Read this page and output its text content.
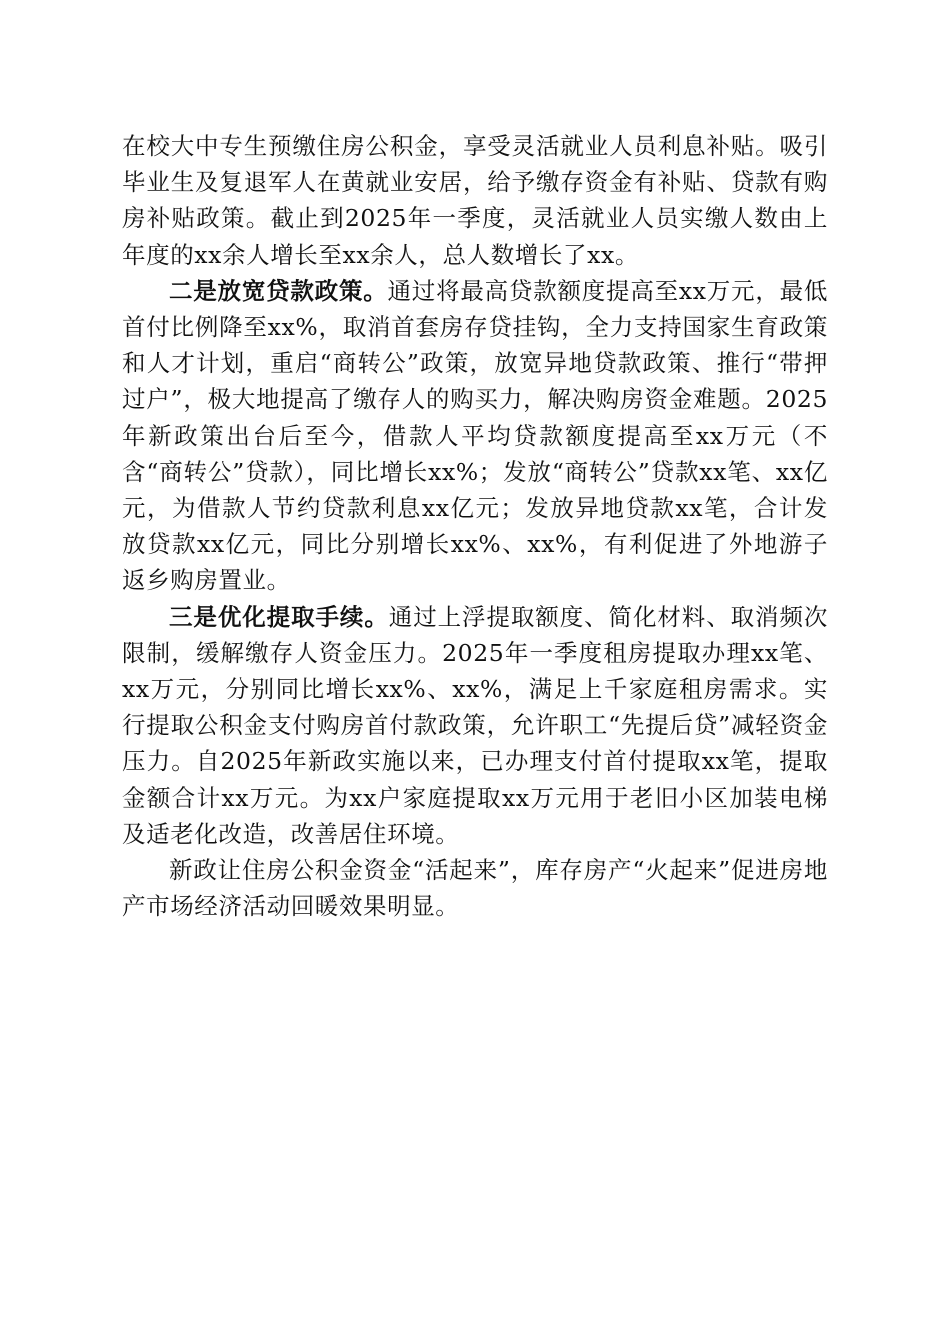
在校大中专生预缴住房公积金，享受灵活就业人员利息补贴。吸引毕业生及复退军人在黄就业安居，给予缴存资金有补贴、贷款有购房补贴政策。截止到2025年一季度，灵活就业人员实缴人数由上年度的xx余人增长至xx余人，总人数增长了xx。

二是放宽贷款政策。通过将最高贷款额度提高至xx万元，最低首付比例降至xx%，取消首套房存贷挂钩，全力支持国家生育政策和人才计划，重启“商转公”政策，放宽异地贷款政策、推行“带押过户”，极大地提高了缴存人的购买力，解决购房资金难题。2025年新政策出台后至今，借款人平均贷款额度提高至xx万元（不含“商转公”贷款），同比增长xx%；发放“商转公”贷款xx笔、xx亿元，为借款人节约贷款利息xx亿元；发放异地贷款xx笔，合计发放贷款xx亿元，同比分别增长xx%、xx%，有利促进了外地游子返乡购房置业。

三是优化提取手续。通过上浮提取额度、简化材料、取消频次限制，缓解缴存人资金压力。2025年一季度租房提取办理xx笔、xx万元，分别同比增长xx%、xx%，满足上千家庭租房需求。实行提取公积金支付购房首付款政策，允许职工“先提后贷”减轻资金压力。自2025年新政实施以来，已办理支付首付提取xx笔，提取金额合计xx万元。为xx户家庭提取xx万元用于老旧小区加装电梯及适老化改造，改善居住环境。

新政让住房公积金资金“活起来”，库存房产“火起来”促进房地产市场经济活动回暖效果明显。
